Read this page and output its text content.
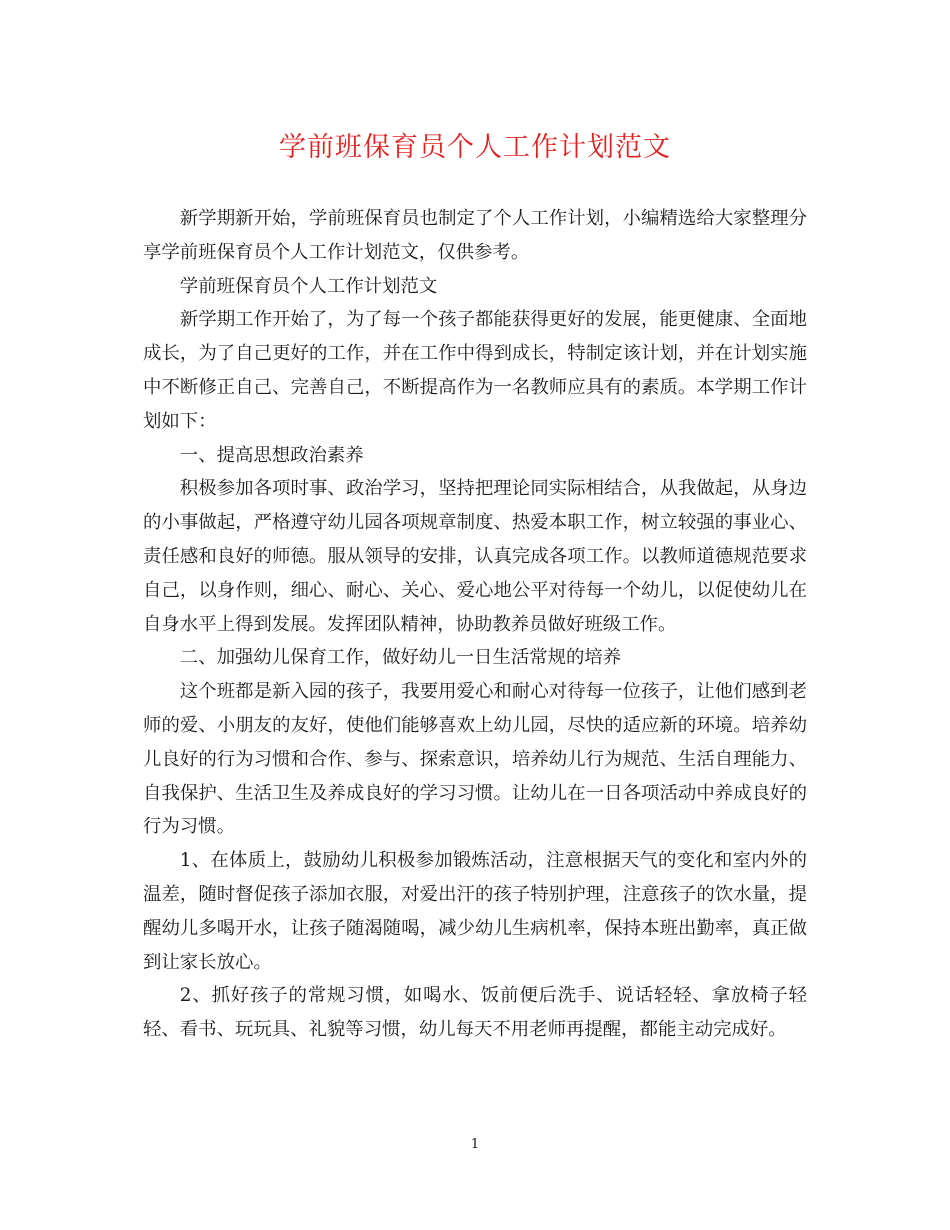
学前班保育员个人工作计划范文

新学期新开始，学前班保育员也制定了个人工作计划，小编精选给大家整理分享学前班保育员个人工作计划范文，仅供参考。

学前班保育员个人工作计划范文

新学期工作开始了，为了每一个孩子都能获得更好的发展，能更健康、全面地成长，为了自己更好的工作，并在工作中得到成长，特制定该计划，并在计划实施中不断修正自己、完善自己，不断提高作为一名教师应具有的素质。本学期工作计划如下：

一、提高思想政治素养

积极参加各项时事、政治学习，坚持把理论同实际相结合，从我做起，从身边的小事做起，严格遵守幼儿园各项规章制度、热爱本职工作，树立较强的事业心、责任感和良好的师德。服从领导的安排，认真完成各项工作。以教师道德规范要求自己，以身作则，细心、耐心、关心、爱心地公平对待每一个幼儿，以促使幼儿在自身水平上得到发展。发挥团队精神，协助教养员做好班级工作。

二、加强幼儿保育工作，做好幼儿一日生活常规的培养

这个班都是新入园的孩子，我要用爱心和耐心对待每一位孩子，让他们感到老师的爱、小朋友的友好，使他们能够喜欢上幼儿园，尽快的适应新的环境。培养幼儿良好的行为习惯和合作、参与、探索意识，培养幼儿行为规范、生活自理能力、自我保护、生活卫生及养成良好的学习习惯。让幼儿在一日各项活动中养成良好的行为习惯。

1、在体质上，鼓励幼儿积极参加锻炼活动，注意根据天气的变化和室内外的温差，随时督促孩子添加衣服，对爱出汗的孩子特别护理，注意孩子的饮水量，提醒幼儿多喝开水，让孩子随渴随喝，减少幼儿生病机率，保持本班出勤率，真正做到让家长放心。

2、抓好孩子的常规习惯，如喝水、饭前便后洗手、说话轻轻、拿放椅子轻轻、看书、玩玩具、礼貌等习惯，幼儿每天不用老师再提醒，都能主动完成好。

1
